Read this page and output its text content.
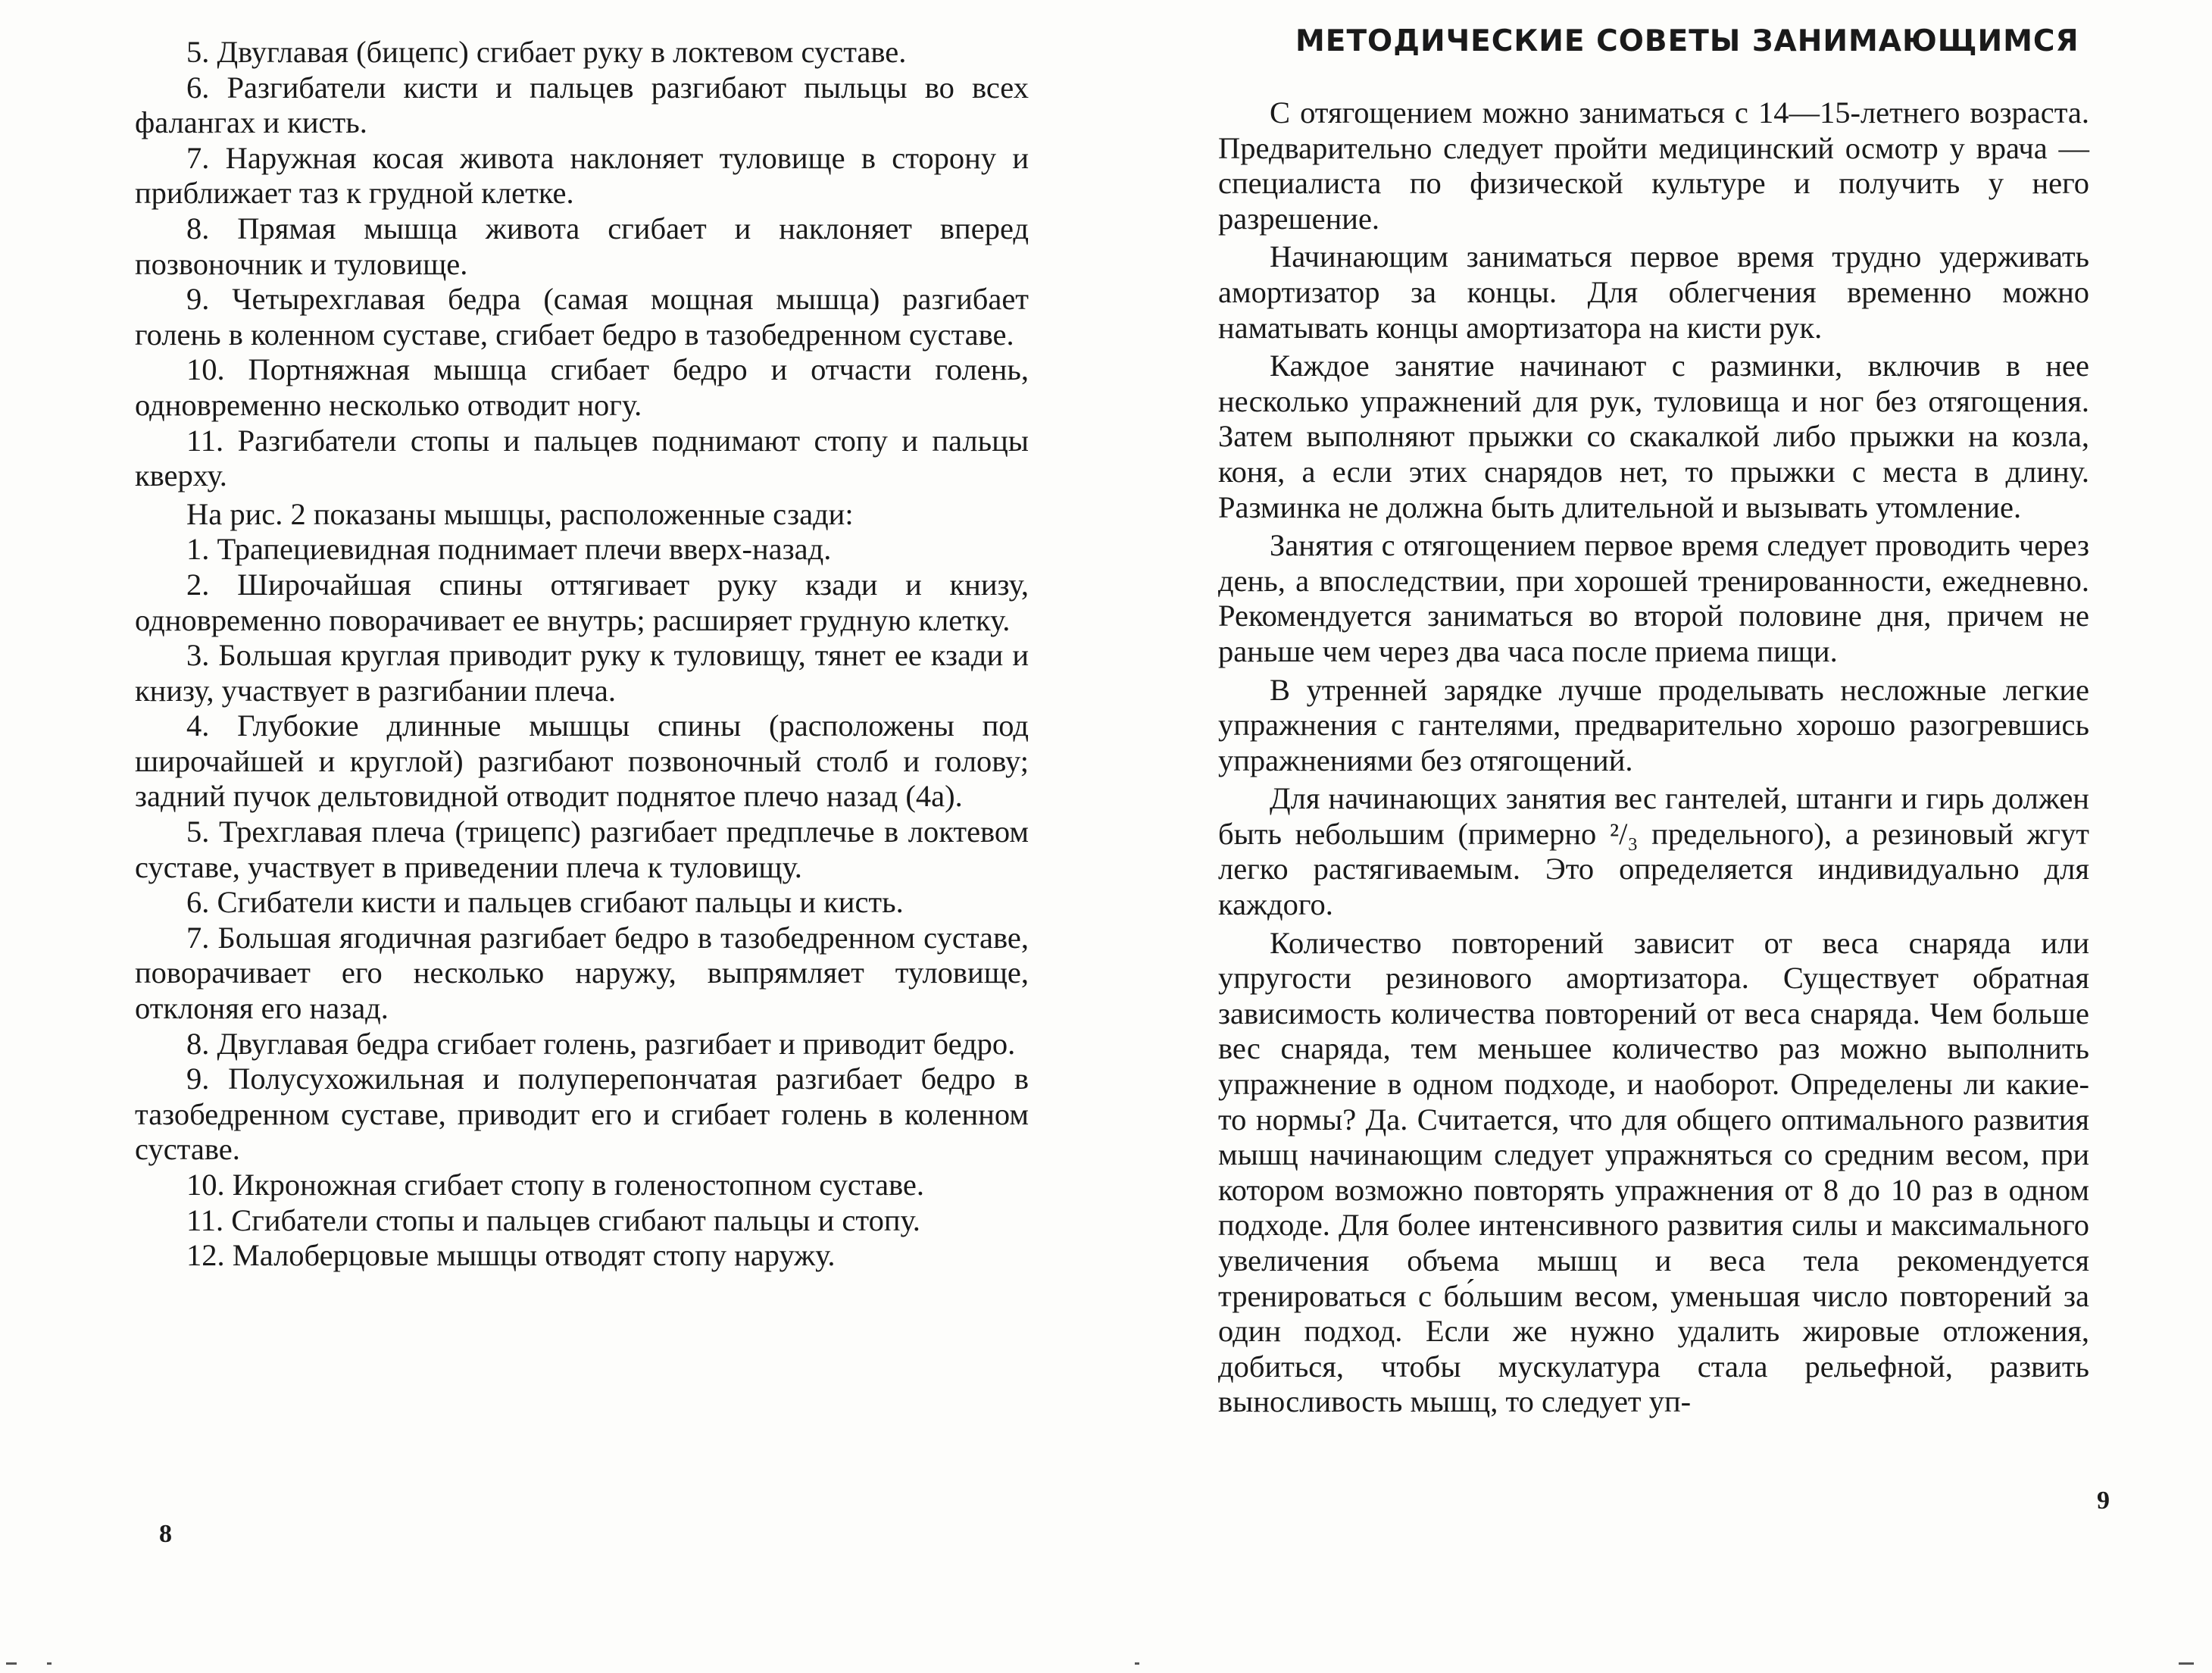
5. Двуглавая (бицепс) сгибает руку в локтевом суставе.

6. Разгибатели кисти и пальцев разгибают пыльцы во всех фалангах и кисть.

7. Наружная косая живота наклоняет туловище в сторону и приближает таз к грудной клетке.

8. Прямая мышца живота сгибает и наклоняет вперед позвоночник и туловище.

9. Четырехглавая бедра (самая мощная мышца) разгибает голень в коленном суставе, сгибает бедро в тазобедренном суставе.

10. Портняжная мышца сгибает бедро и отчасти голень, одновременно несколько отводит ногу.

11. Разгибатели стопы и пальцев поднимают стопу и пальцы кверху.

На рис. 2 показаны мышцы, расположенные сзади:

1. Трапециевидная поднимает плечи вверх-назад.

2. Широчайшая спины оттягивает руку кзади и книзу, одновременно поворачивает ее внутрь; расширяет грудную клетку.

3. Большая круглая приводит руку к туловищу, тянет ее кзади и книзу, участвует в разгибании плеча.

4. Глубокие длинные мышцы спины (расположены под широчайшей и круглой) разгибают позвоночный столб и голову; задний пучок дельтовидной отводит поднятое плечо назад (4а).

5. Трехглавая плеча (трицепс) разгибает предплечье в локтевом суставе, участвует в приведении плеча к туловищу.

6. Сгибатели кисти и пальцев сгибают пальцы и кисть.

7. Большая ягодичная разгибает бедро в тазобедренном суставе, поворачивает его несколько наружу, выпрямляет туловище, отклоняя его назад.

8. Двуглавая бедра сгибает голень, разгибает и приводит бедро.

9. Полусухожильная и полуперепончатая разгибает бедро в тазобедренном суставе, приводит его и сгибает голень в коленном суставе.

10. Икроножная сгибает стопу в голеностопном суставе.

11. Сгибатели стопы и пальцев сгибают пальцы и стопу.

12. Малоберцовые мышцы отводят стопу наружу.

8
МЕТОДИЧЕСКИЕ СОВЕТЫ ЗАНИМАЮЩИМСЯ

С отягощением можно заниматься с 14—15-летнего возраста. Предварительно следует пройти медицинский осмотр у врача — специалиста по физической культуре и получить у него разрешение.

Начинающим заниматься первое время трудно удерживать амортизатор за концы. Для облегчения временно можно наматывать концы амортизатора на кисти рук.

Каждое занятие начинают с разминки, включив в нее несколько упражнений для рук, туловища и ног без отягощения. Затем выполняют прыжки со скакалкой либо прыжки на козла, коня, а если этих снарядов нет, то прыжки с места в длину. Разминка не должна быть длительной и вызывать утомление.

Занятия с отягощением первое время следует проводить через день, а впоследствии, при хорошей тренированности, ежедневно. Рекомендуется заниматься во второй половине дня, причем не раньше чем через два часа после приема пищи.

В утренней зарядке лучше проделывать несложные легкие упражнения с гантелями, предварительно хорошо разогревшись упражнениями без отягощений.

Для начинающих занятия вес гантелей, штанги и гирь должен быть небольшим (примерно ²/₃ предельного), а резиновый жгут легко растягиваемым. Это определяется индивидуально для каждого.

Количество повторений зависит от веса снаряда или упругости резинового амортизатора. Существует обратная зависимость количества повторений от веса снаряда. Чем больше вес снаряда, тем меньшее количество раз можно выполнить упражнение в одном подходе, и наоборот. Определены ли какие-то нормы? Да. Считается, что для общего оптимального развития мышц начинающим следует упражняться со средним весом, при котором возможно повторять упражнения от 8 до 10 раз в одном подходе. Для более интенсивного развития силы и максимального увеличения объема мышц и веса тела рекомендуется тренироваться с бо́льшим весом, уменьшая число повторений за один подход. Если же нужно удалить жировые отложения, добиться, чтобы мускулатура стала рельефной, развить выносливость мышц, то следует уп-

9
